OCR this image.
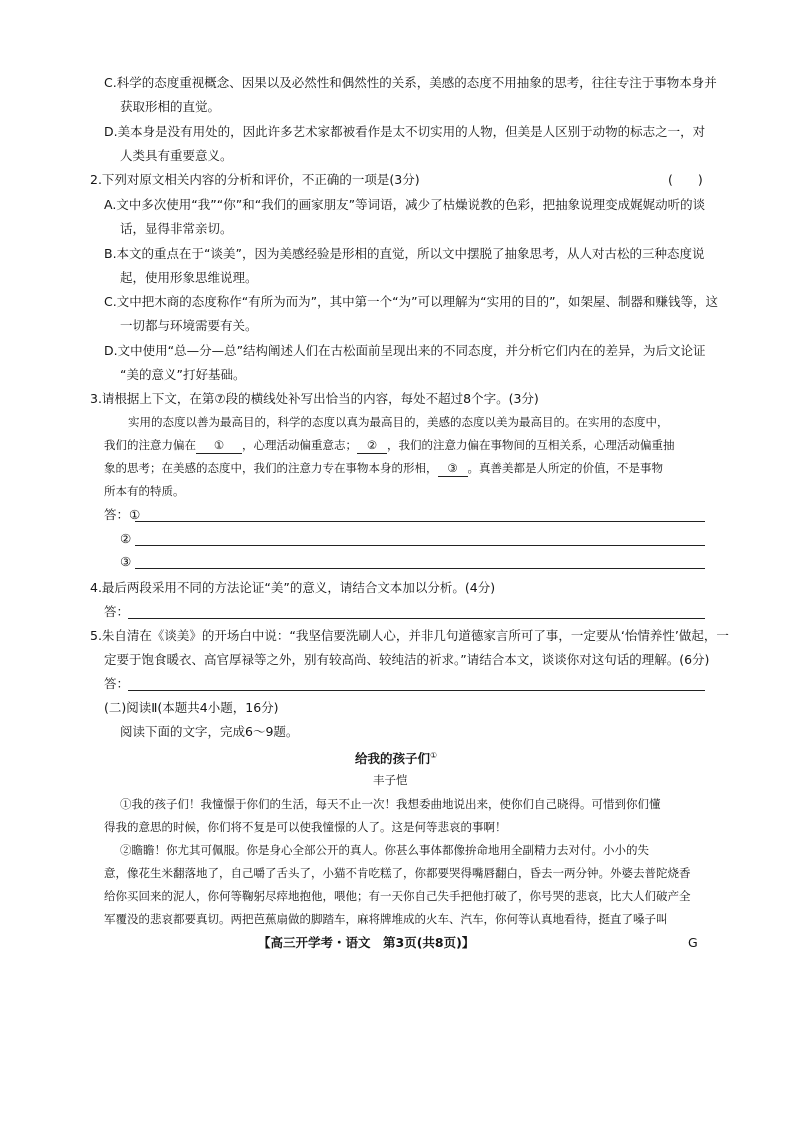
C.科学的态度重视概念、因果以及必然性和偶然性的关系，美感的态度不用抽象的思考，往往专注于事物本身并
获取形相的直觉。
D.美本身是没有用处的，因此许多艺术家都被看作是太不切实用的人物，但美是人区别于动物的标志之一，对
人类具有重要意义。
2.下列对原文相关内容的分析和评价，不正确的一项是(3分)	(　　)
A.文中多次使用“我”“你”和“我们的画家朋友”等词语，减少了枯燥说教的色彩，把抽象说理变成娓娓动听的谈
话，显得非常亲切。
B.本文的重点在于“谈美”，因为美感经验是形相的直觉，所以文中摆脱了抽象思考，从人对古松的三种态度说
起，使用形象思维说理。
C.文中把木商的态度称作“有所为而为”，其中第一个“为”可以理解为“实用的目的”，如架屋、制器和赚钱等，这
一切都与环境需要有关。
D.文中使用“总—分—总”结构阐述人们在古松面前呈现出来的不同态度，并分析它们内在的差异，为后文论证
“美的意义”打好基础。
3.请根据上下文，在第⑦段的横线处补写出恰当的内容，每处不超过8个字。(3分)
实用的态度以善为最高目的，科学的态度以真为最高目的，美感的态度以美为最高目的。在实用的态度中，
我们的注意力偏在 ① ，心理活动偏重意志； ② ，我们的注意力偏在事物间的互相关系，心理活动偏重抽
象的思考；在美感的态度中，我们的注意力专在事物本身的形相， ③ 。真善美都是人所定的价值，不是事物
所本有的特质。
答：①
②
③
4.最后两段采用不同的方法论证“美”的意义，请结合文本加以分析。(4分)
答：
5.朱自清在《谈美》的开场白中说：“我坚信要洗刷人心，并非几句道德家言所可了事，一定要从‘怡情养性’做起，一
定要于饱食暖衣、高官厚禄等之外，别有较高尚、较纯洁的祈求。”请结合本文，谈谈你对这句话的理解。(6分)
答：
(二)阅读Ⅱ(本题共4小题，16分)
阅读下面的文字，完成6～9题。
给我的孩子们①
丰子恺
①我的孩子们！我憧憬于你们的生活，每天不止一次！我想委曲地说出来，使你们自己晓得。可惜到你们懂
得我的意思的时候，你们将不复是可以使我憧憬的人了。这是何等悲哀的事啊！
②瞻瞻！你尤其可佩服。你是身心全部公开的真人。你甚么事体都像拚命地用全副精力去对付。小小的失
意，像花生米翻落地了，自己嚼了舌头了，小猫不肯吃糕了，你都要哭得嘴唇翻白，昏去一两分钟。外婆去普陀烧香
给你买回来的泥人，你何等鞠躬尽瘁地抱他，喂他；有一天你自己失手把他打破了，你号哭的悲哀，比大人们破产全
军覆没的悲哀都要真切。两把芭蕉扇做的脚踏车，麻将牌堆成的火车、汽车，你何等认真地看待，挺直了嗓子叫
【高三开学考・语文　第3页(共8页)】	G
